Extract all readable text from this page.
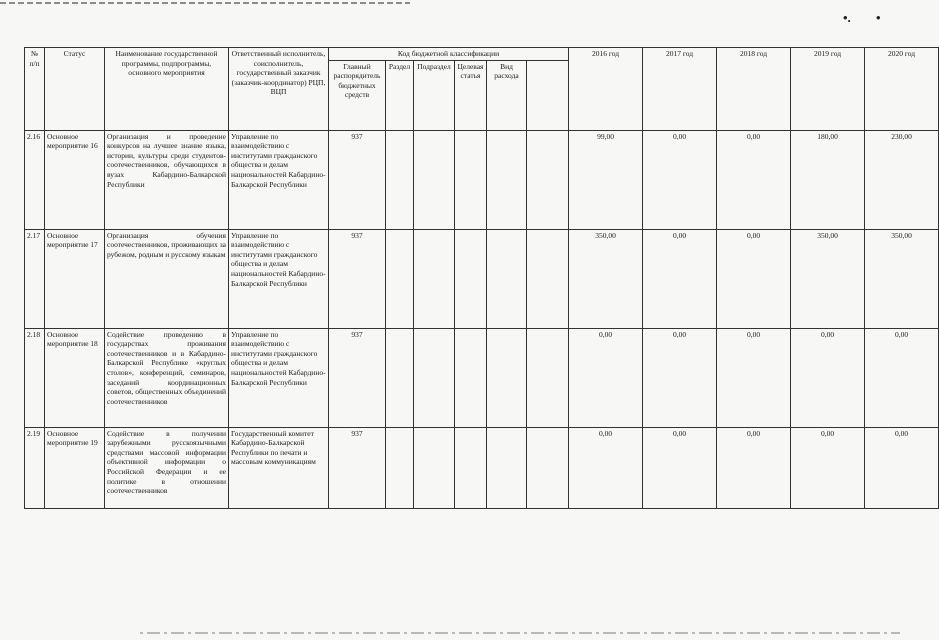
•. •
№ п/п	Статус	Наименование государственной программы, подпрограммы, основного мероприятия	Ответственный исполнитель, соисполнитель, государственный заказчик (заказчик-координатор) РЦП, ВЦП	Код бюджетной классификации						2016 год	2017 год	2018 год	2019 год	2020 год
				Главный распорядитель бюджетных средств	Раздел	Подраздел	Целевая статья	Вид расхода						
2.16	Основное мероприятие 16	Организация и проведение конкурсов на лучшее знание языка, истории, культуры среди студентов-соотечественников, обучающихся в вузах Кабардино-Балкарской Республики	Управление по взаимодействию с институтами гражданского общества и делам национальностей Кабардино-Балкарской Республики	937						99,00	0,00	0,00	180,00	230,00
2.17	Основное мероприятие 17	Организация обучения соотечественников, проживающих за рубежом, родным и русскому языкам	Управление по взаимодействию с институтами гражданского общества и делам национальностей Кабардино-Балкарской Республики	937						350,00	0,00	0,00	350,00	350,00
2.18	Основное мероприятие 18	Содействие проведению в государствах проживания соотечественников и в Кабардино-Балкарской Республике «круглых столов», конференций, семинаров, заседаний координационных советов, общественных объединений соотечественников	Управление по взаимодействию с институтами гражданского общества и делам национальностей Кабардино-Балкарской Республики	937						0,00	0,00	0,00	0,00	0,00
2.19	Основное мероприятие 19	Содействие в получении зарубежными русскоязычными средствами массовой информации объективной информации о Российской Федерации и ее политике в отношении соотечественников	Государственный комитет Кабардино-Балкарской Республики по печати и массовым коммуникациям	937						0,00	0,00	0,00	0,00	0,00
